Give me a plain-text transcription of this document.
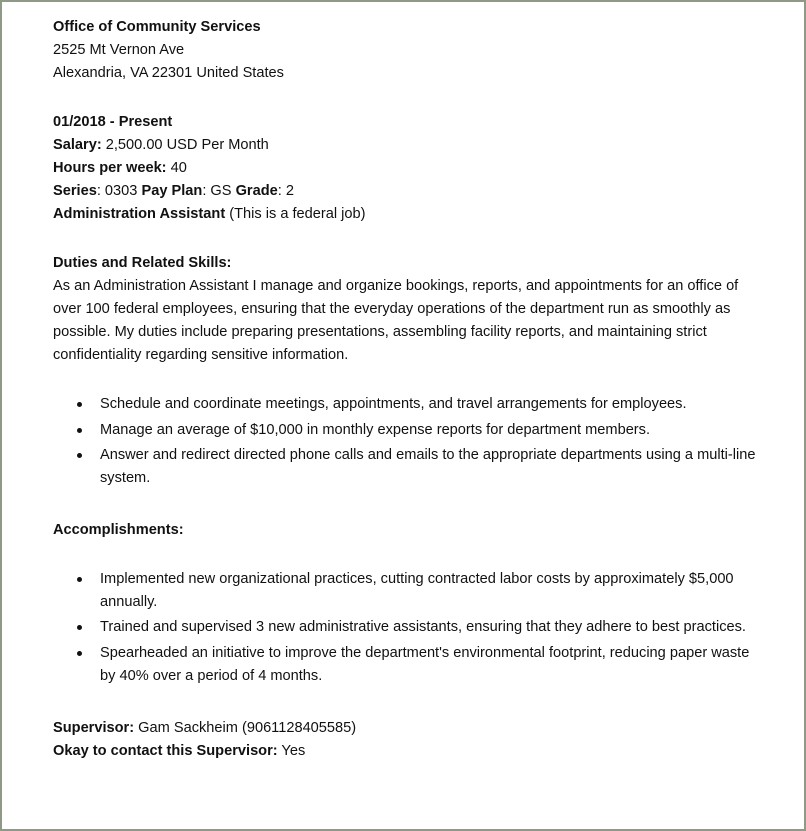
Office of Community Services
2525 Mt Vernon Ave
Alexandria, VA 22301 United States
01/2018 - Present
Salary: 2,500.00 USD Per Month
Hours per week: 40
Series: 0303 Pay Plan: GS Grade: 2
Administration Assistant (This is a federal job)
Duties and Related Skills:
As an Administration Assistant I manage and organize bookings, reports, and appointments for an office of over 100 federal employees, ensuring that the everyday operations of the department run as smoothly as possible. My duties include preparing presentations, assembling facility reports, and maintaining strict confidentiality regarding sensitive information.
Schedule and coordinate meetings, appointments, and travel arrangements for employees.
Manage an average of $10,000 in monthly expense reports for department members.
Answer and redirect directed phone calls and emails to the appropriate departments using a multi-line system.
Accomplishments:
Implemented new organizational practices, cutting contracted labor costs by approximately $5,000 annually.
Trained and supervised 3 new administrative assistants, ensuring that they adhere to best practices.
Spearheaded an initiative to improve the department's environmental footprint, reducing paper waste by 40% over a period of 4 months.
Supervisor: Gam Sackheim (9061128405585)
Okay to contact this Supervisor: Yes
